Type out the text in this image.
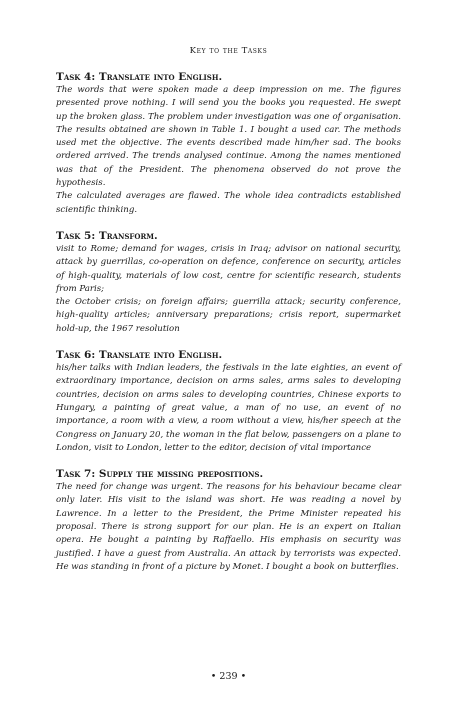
Key to the Tasks
Task 4: Translate into English.

The words that were spoken made a deep impression on me. The figures presented prove nothing. I will send you the books you requested. He swept up the broken glass. The problem under investigation was one of organisation. The results obtained are shown in Table 1. I bought a used car. The methods used met the objective. The events described made him/her sad. The books ordered arrived. The trends analysed continue. Among the names mentioned was that of the President. The phenomena observed do not prove the hypothesis.

The calculated averages are flawed. The whole idea contradicts established scientific thinking.

Task 5: Transform.

visit to Rome; demand for wages, crisis in Iraq; advisor on national security, attack by guerrillas, co-operation on defence, conference on security, articles of high-quality, materials of low cost, centre for scientific research, students from Paris;

the October crisis; on foreign affairs; guerrilla attack; security conference, high-quality articles; anniversary preparations; crisis report, supermarket hold-up, the 1967 resolution

Task 6: Translate into English.

his/her talks with Indian leaders, the festivals in the late eighties, an event of extraordinary importance, decision on arms sales, arms sales to developing countries, decision on arms sales to developing countries, Chinese exports to Hungary, a painting of great value, a man of no use, an event of no importance, a room with a view, a room without a view, his/her speech at the Congress on January 20, the woman in the flat below, passengers on a plane to London, visit to London, letter to the editor, decision of vital importance

Task 7: Supply the missing prepositions.

The need for change was urgent. The reasons for his behaviour became clear only later. His visit to the island was short. He was reading a novel by Lawrence. In a letter to the President, the Prime Minister repeated his proposal. There is strong support for our plan. He is an expert on Italian opera. He bought a painting by Raffaello. His emphasis on security was justified. I have a guest from Australia. An attack by terrorists was expected. He was standing in front of a picture by Monet. I bought a book on butterflies.

• 239 •
